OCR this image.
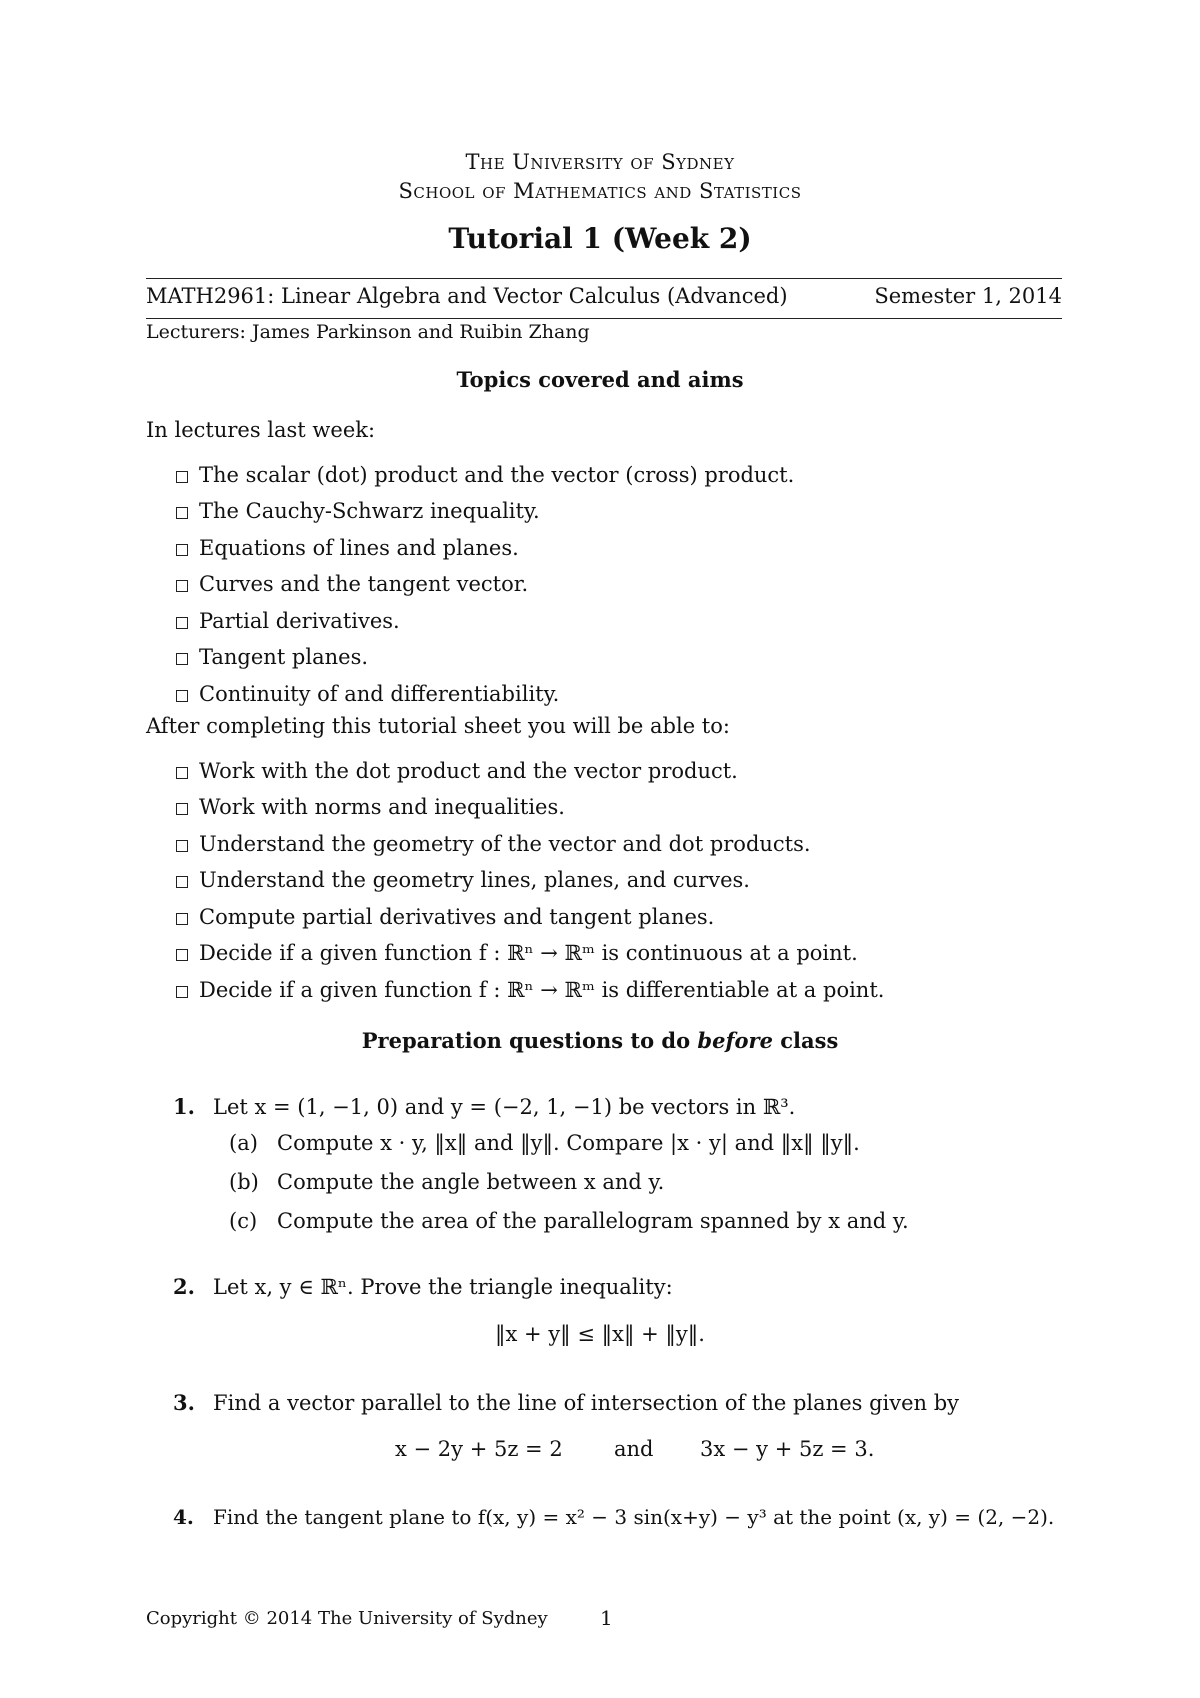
The University of Sydney
School of Mathematics and Statistics
Tutorial 1 (Week 2)
MATH2961: Linear Algebra and Vector Calculus (Advanced)	Semester 1, 2014
Lecturers: James Parkinson and Ruibin Zhang
Topics covered and aims
In lectures last week:
The scalar (dot) product and the vector (cross) product.
The Cauchy-Schwarz inequality.
Equations of lines and planes.
Curves and the tangent vector.
Partial derivatives.
Tangent planes.
Continuity of and differentiability.
After completing this tutorial sheet you will be able to:
Work with the dot product and the vector product.
Work with norms and inequalities.
Understand the geometry of the vector and dot products.
Understand the geometry lines, planes, and curves.
Compute partial derivatives and tangent planes.
Decide if a given function f : ℝⁿ → ℝᵐ is continuous at a point.
Decide if a given function f : ℝⁿ → ℝᵐ is differentiable at a point.
Preparation questions to do before class
1. Let x = (1, −1, 0) and y = (−2, 1, −1) be vectors in ℝ³.
(a) Compute x · y, ‖x‖ and ‖y‖. Compare |x · y| and ‖x‖ ‖y‖.
(b) Compute the angle between x and y.
(c) Compute the area of the parallelogram spanned by x and y.
2. Let x, y ∈ ℝⁿ. Prove the triangle inequality:
‖x + y‖ ≤ ‖x‖ + ‖y‖.
3. Find a vector parallel to the line of intersection of the planes given by
x − 2y + 5z = 2 and 3x − y + 5z = 3.
4. Find the tangent plane to f(x, y) = x² − 3 sin(x+y) − y³ at the point (x, y) = (2, −2).
Copyright © 2014 The University of Sydney	1
